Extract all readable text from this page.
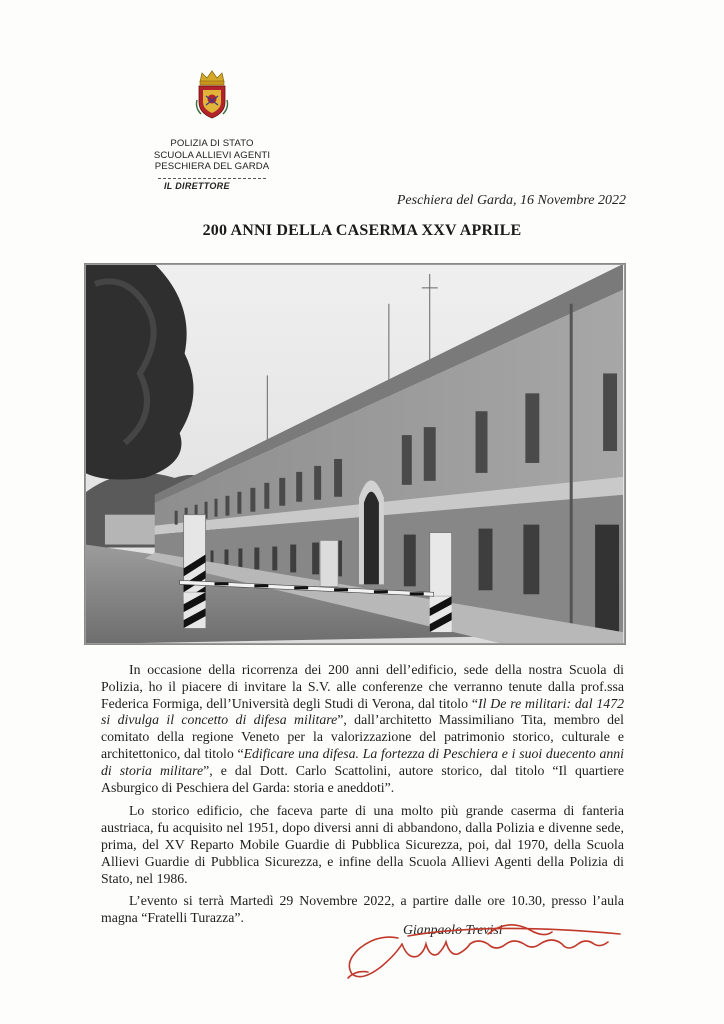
POLIZIA DI STATO
SCUOLA ALLIEVI AGENTI
PESCHIERA DEL GARDA
IL DIRETTORE
Peschiera del Garda, 16 Novembre 2022
200 ANNI DELLA CASERMA XXV APRILE

In occasione della ricorrenza dei 200 anni dell’edificio, sede della nostra Scuola di Polizia, ho il piacere di invitare la S.V. alle conferenze che verranno tenute dalla prof.ssa Federica Formiga, dell’Università degli Studi di Verona, dal titolo “Il De re militari: dal 1472 si divulga il concetto di difesa militare”, dall’architetto Massimiliano Tita, membro del comitato della regione Veneto per la valorizzazione del patrimonio storico, culturale e architettonico, dal titolo “Edificare una difesa. La fortezza di Peschiera e i suoi duecento anni di storia militare”, e dal Dott. Carlo Scattolini, autore storico, dal titolo “Il quartiere Asburgico di Peschiera del Garda: storia e aneddoti”.

Lo storico edificio, che faceva parte di una molto più grande caserma di fanteria austriaca, fu acquisito nel 1951, dopo diversi anni di abbandono, dalla Polizia e divenne sede, prima, del XV Reparto Mobile Guardie di Pubblica Sicurezza, poi, dal 1970, della Scuola Allievi Guardie di Pubblica Sicurezza, e infine della Scuola Allievi Agenti della Polizia di Stato, nel 1986.

L’evento si terrà Martedì 29 Novembre 2022, a partire dalle ore 10.30, presso l’aula magna “Fratelli Turazza”.

Gianpaolo Trevisi
